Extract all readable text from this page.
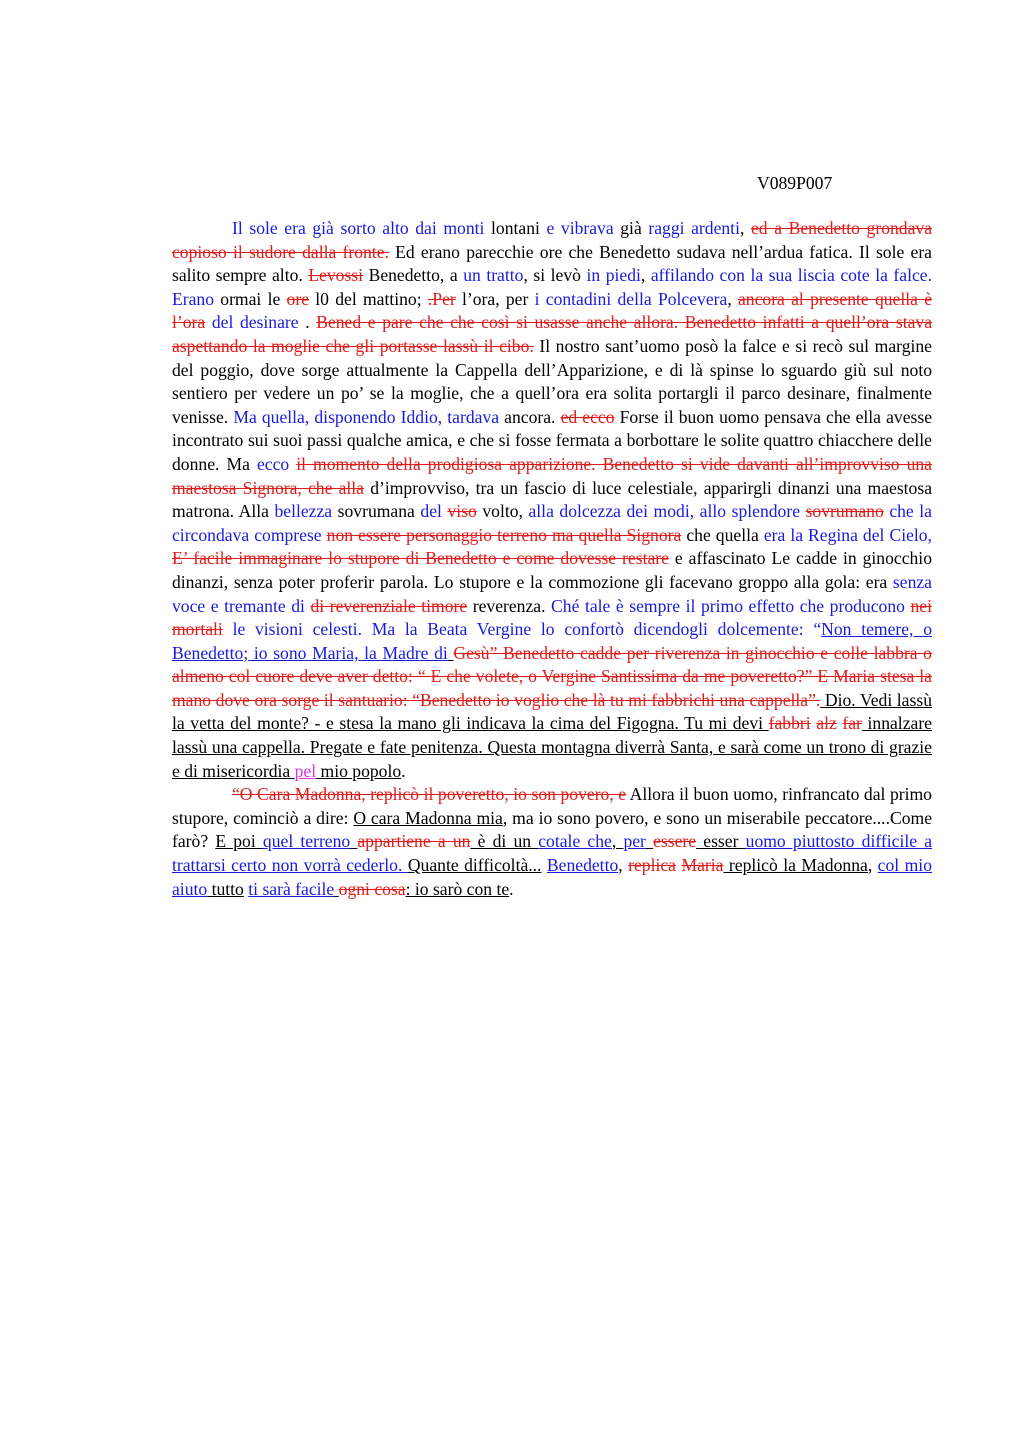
V089P007

Il sole era già sorto alto dai monti lontani e vibrava già raggi ardenti, ed a Benedetto grondava copioso il sudore dalla fronte. Ed erano parecchie ore che Benedetto sudava nell’ardua fatica. Il sole era salito sempre alto. Levossi Benedetto, a un tratto, si levò in piedi, affilando con la sua liscia cote la falce. Erano ormai le ore l0 del mattino; .Per l’ora, per i contadini della Polcevera, ancora al presente quella è l’ora del desinare . Bened e pare che che così si usasse anche allora. Benedetto infatti a quell’ora stava aspettando la moglie che gli portasse lassù il cibo. Il nostro sant’uomo posò la falce e si recò sul margine del poggio, dove sorge attualmente la Cappella dell’Apparizione, e di là spinse lo sguardo giù sul noto sentiero per vedere un po’ se la moglie, che a quell’ora era solita portargli il parco desinare, finalmente venisse. Ma quella, disponendo Iddio, tardava ancora. ed ecco Forse il buon uomo pensava che ella avesse incontrato sui suoi passi qualche amica, e che si fosse fermata a borbottare le solite quattro chiacchere delle donne. Ma ecco il momento della prodigiosa apparizione. Benedetto si vide davanti all’improvviso una maestosa Signora, che alla d’improvviso, tra un fascio di luce celestiale, apparirgli dinanzi una maestosa matrona. Alla bellezza sovrumana del viso volto, alla dolcezza dei modi, allo splendore sovrumano che la circondava comprese non essere personaggio terreno ma quella Signora che quella era la Regina del Cielo, E’ facile immaginare lo stupore di Benedetto e come dovesse restare e affascinato Le cadde in ginocchio dinanzi, senza poter proferir parola. Lo stupore e la commozione gli facevano groppo alla gola: era senza voce e tremante di di reverenziale timore reverenza. Ché tale è sempre il primo effetto che producono nei mortali le visioni celesti. Ma la Beata Vergine lo confortò dicendogli dolcemente: “Non temere, o Benedetto; io sono Maria, la Madre di Gesù” Benedetto cadde per riverenza in ginocchio e colle labbra o almeno col cuore deve aver detto: “ E che volete, o Vergine Santissima da me poveretto?” E Maria stesa la mano dove ora sorge il santuario: “Benedetto io voglio che là tu mi fabbrichi una cappella”. Dio. Vedi lassù la vetta del monte? - e stesa la mano gli indicava la cima del Figogna. Tu mi devi fabbri alz far innalzare lassù una cappella. Pregate e fate penitenza. Questa montagna diverrà Santa, e sarà come un trono di grazie e di misericordia pel mio popolo.

“O Cara Madonna, replicò il poveretto, io son povero, e Allora il buon uomo, rinfrancato dal primo stupore, cominciò a dire: O cara Madonna mia, ma io sono povero, e sono un miserabile peccatore....Come farò? E poi quel terreno appartiene a un è di un cotale che, per essere esser uomo piuttosto difficile a trattarsi certo non vorrà cederlo. Quante difficoltà... Benedetto, replica Maria replicò la Madonna, col mio aiuto tutto ti sarà facile ogni cosa: io sarò con te.
